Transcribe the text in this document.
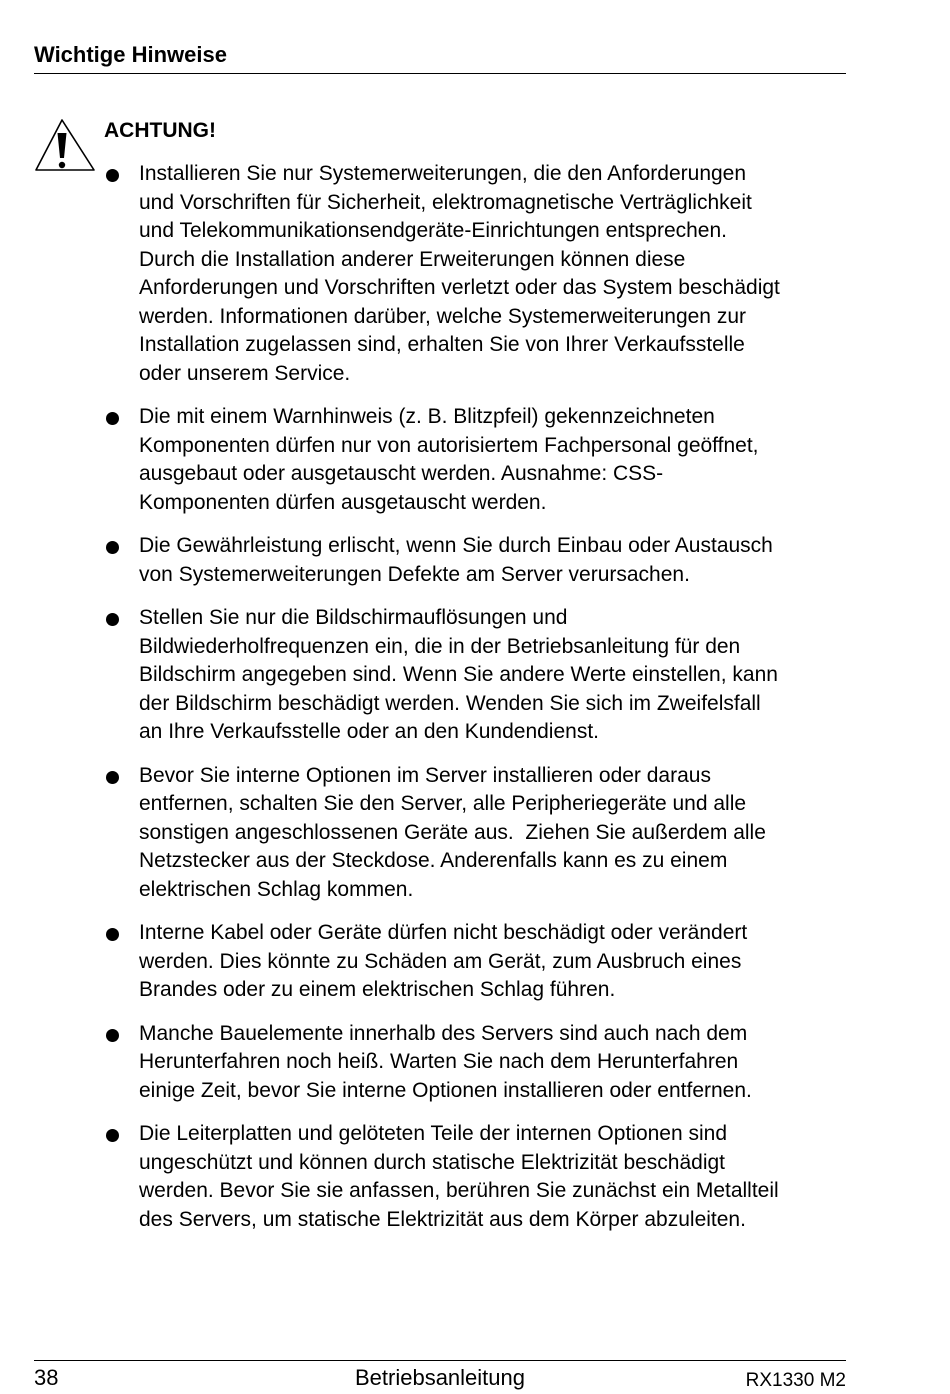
Wichtige Hinweise
ACHTUNG!
Installieren Sie nur Systemerweiterungen, die den Anforderungen
und Vorschriften für Sicherheit, elektromagnetische Verträglichkeit
und Telekommunikationsendgeräte-Einrichtungen entsprechen.
Durch die Installation anderer Erweiterungen können diese
Anforderungen und Vorschriften verletzt oder das System beschädigt
werden. Informationen darüber, welche Systemerweiterungen zur
Installation zugelassen sind, erhalten Sie von Ihrer Verkaufsstelle
oder unserem Service.
Die mit einem Warnhinweis (z. B. Blitzpfeil) gekennzeichneten
Komponenten dürfen nur von autorisiertem Fachpersonal geöffnet,
ausgebaut oder ausgetauscht werden. Ausnahme: CSS-
Komponenten dürfen ausgetauscht werden.
Die Gewährleistung erlischt, wenn Sie durch Einbau oder Austausch
von Systemerweiterungen Defekte am Server verursachen.
Stellen Sie nur die Bildschirmauflösungen und
Bildwiederholfrequenzen ein, die in der Betriebsanleitung für den
Bildschirm angegeben sind. Wenn Sie andere Werte einstellen, kann
der Bildschirm beschädigt werden. Wenden Sie sich im Zweifelsfall
an Ihre Verkaufsstelle oder an den Kundendienst.
Bevor Sie interne Optionen im Server installieren oder daraus
entfernen, schalten Sie den Server, alle Peripheriegeräte und alle
sonstigen angeschlossenen Geräte aus.  Ziehen Sie außerdem alle
Netzstecker aus der Steckdose. Anderenfalls kann es zu einem
elektrischen Schlag kommen.
Interne Kabel oder Geräte dürfen nicht beschädigt oder verändert
werden. Dies könnte zu Schäden am Gerät, zum Ausbruch eines
Brandes oder zu einem elektrischen Schlag führen.
Manche Bauelemente innerhalb des Servers sind auch nach dem
Herunterfahren noch heiß. Warten Sie nach dem Herunterfahren
einige Zeit, bevor Sie interne Optionen installieren oder entfernen.
Die Leiterplatten und gelöteten Teile der internen Optionen sind
ungeschützt und können durch statische Elektrizität beschädigt
werden. Bevor Sie sie anfassen, berühren Sie zunächst ein Metallteil
des Servers, um statische Elektrizität aus dem Körper abzuleiten.
38	Betriebsanleitung	RX1330 M2
